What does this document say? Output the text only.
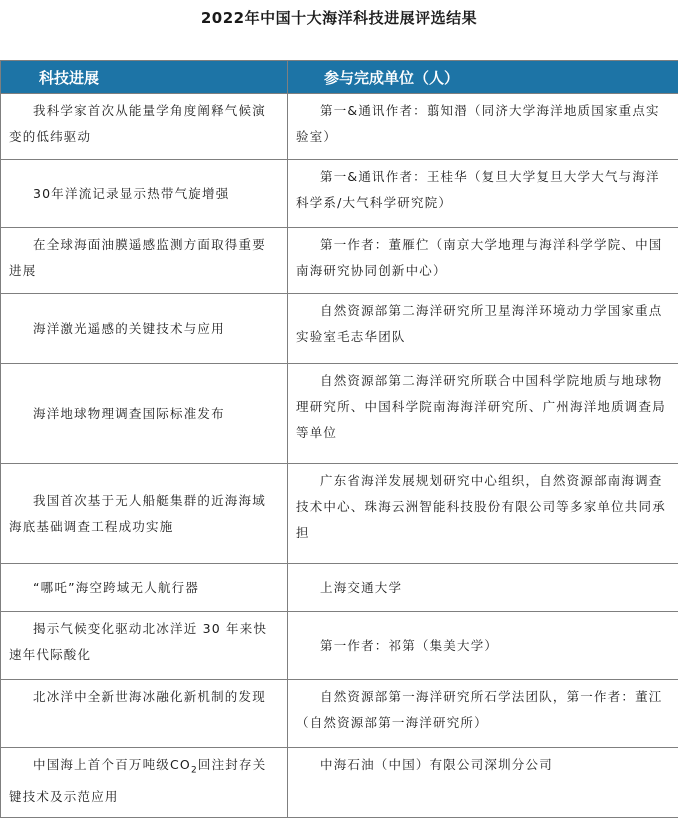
2022年中国十大海洋科技进展评选结果
科技进展	参与完成单位（人）
我科学家首次从能量学角度阐释气候演变的低纬驱动	第一&通讯作者：翦知湣（同济大学海洋地质国家重点实验室）
30年洋流记录显示热带气旋增强	第一&通讯作者：王桂华（复旦大学复旦大学大气与海洋科学系/大气科学研究院）
在全球海面油膜遥感监测方面取得重要进展	第一作者：董雁伫（南京大学地理与海洋科学学院、中国南海研究协同创新中心）
海洋激光遥感的关键技术与应用	自然资源部第二海洋研究所卫星海洋环境动力学国家重点实验室毛志华团队
海洋地球物理调查国际标准发布	自然资源部第二海洋研究所联合中国科学院地质与地球物理研究所、中国科学院南海海洋研究所、广州海洋地质调查局等单位
我国首次基于无人船艇集群的近海海域海底基础调查工程成功实施	广东省海洋发展规划研究中心组织，自然资源部南海调查技术中心、珠海云洲智能科技股份有限公司等多家单位共同承担
“哪吒”海空跨域无人航行器	上海交通大学
揭示气候变化驱动北冰洋近 30 年来快速年代际酸化	第一作者：祁第（集美大学）
北冰洋中全新世海冰融化新机制的发现	自然资源部第一海洋研究所石学法团队，第一作者：董江（自然资源部第一海洋研究所）
中国海上首个百万吨级$CO_2$回注封存关键技术及示范应用	中海石油（中国）有限公司深圳分公司
